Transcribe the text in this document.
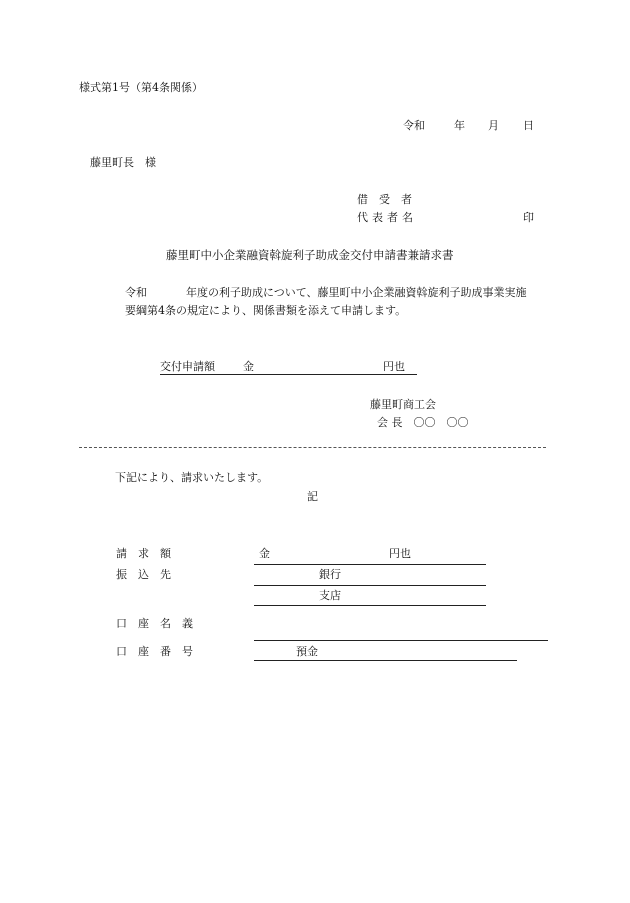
様式第1号（第4条関係）
令和	年 月 日
藤里町長　様
借　受　者
代表者名	印
藤里町中小企業融資斡旋利子助成金交付申請書兼請求書
令和	年度の利子助成について、藤里町中小企業融資斡旋利子助成事業実施
要綱第4条の規定により、関係書類を添えて申請します。
交付申請額	金	円也
藤里町商工会
会 長　〇〇　〇〇
下記により、請求いたします。
記
請　求　額	金	円也
振　込　先	銀行
支店
口　座　名　義
口　座　番　号	預金
